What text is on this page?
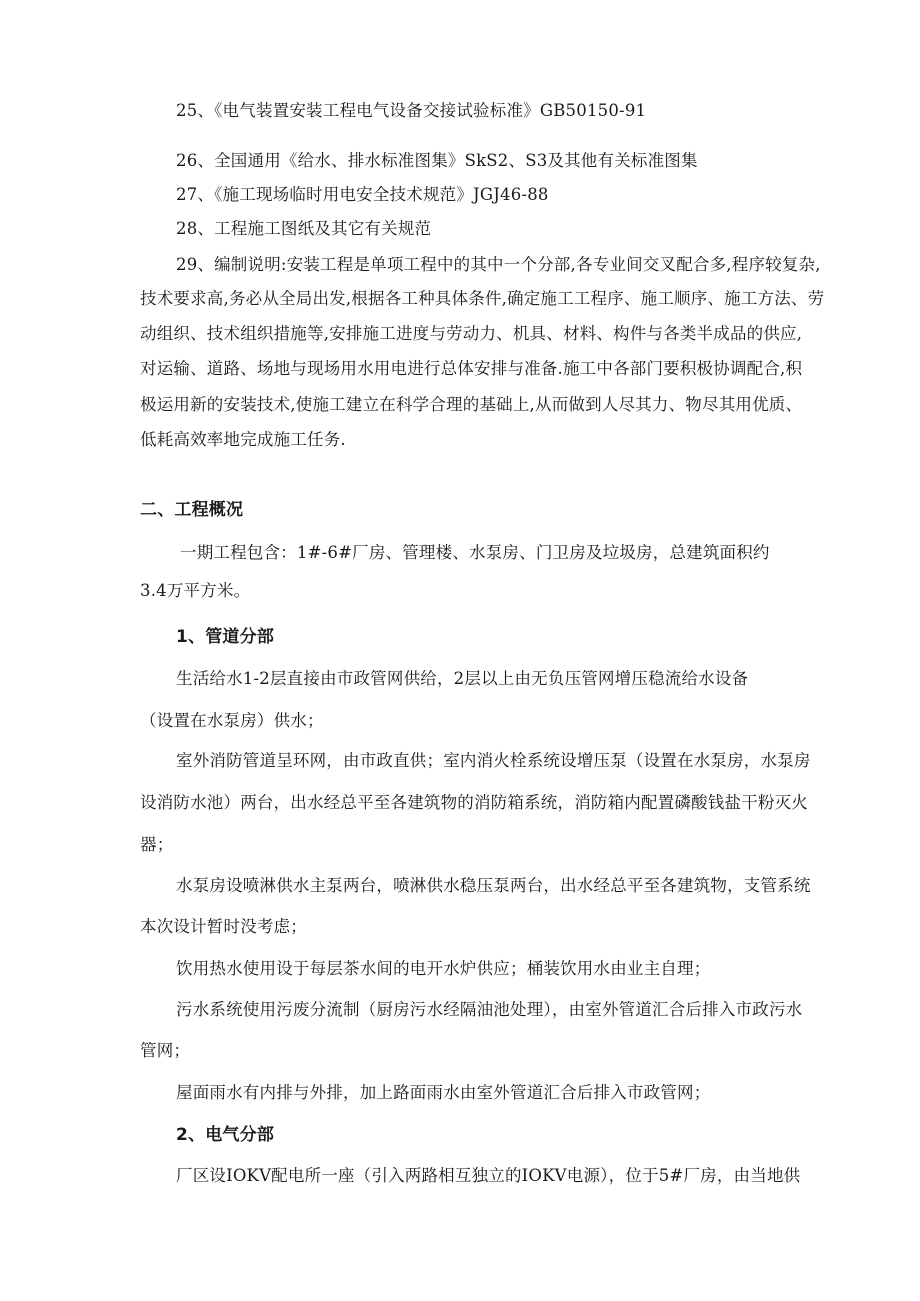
25、《电气装置安装工程电气设备交接试验标准》GB50150-91
26、全国通用《给水、排水标准图集》SkS2、S3及其他有关标准图集
27、《施工现场临时用电安全技术规范》JGJ46-88
28、工程施工图纸及其它有关规范
29、编制说明:安装工程是单项工程中的其中一个分部,各专业间交叉配合多,程序较复杂,
技术要求高,务必从全局出发,根据各工种具体条件,确定施工工程序、施工顺序、施工方法、劳
动组织、技术组织措施等,安排施工进度与劳动力、机具、材料、构件与各类半成品的供应,
对运输、道路、场地与现场用水用电进行总体安排与准备.施工中各部门要积极协调配合,积
极运用新的安装技术,使施工建立在科学合理的基础上,从而做到人尽其力、物尽其用优质、
低耗高效率地完成施工任务.
二、工程概况
一期工程包含：1#-6#厂房、管理楼、水泵房、门卫房及垃圾房，总建筑面积约
3.4万平方米。
1、管道分部
生活给水1-2层直接由市政管网供给，2层以上由无负压管网增压稳流给水设备
（设置在水泵房）供水；
室外消防管道呈环网，由市政直供；室内消火栓系统设增压泵（设置在水泵房，水泵房
设消防水池）两台，出水经总平至各建筑物的消防箱系统，消防箱内配置磷酸钱盐干粉灭火
器；
水泵房设喷淋供水主泵两台，喷淋供水稳压泵两台，出水经总平至各建筑物，支管系统
本次设计暂时没考虑；
饮用热水使用设于每层茶水间的电开水炉供应；桶装饮用水由业主自理；
污水系统使用污废分流制（厨房污水经隔油池处理），由室外管道汇合后排入市政污水
管网；
屋面雨水有内排与外排，加上路面雨水由室外管道汇合后排入市政管网；
2、电气分部
厂区设IOKV配电所一座（引入两路相互独立的IOKV电源），位于5#厂房，由当地供
